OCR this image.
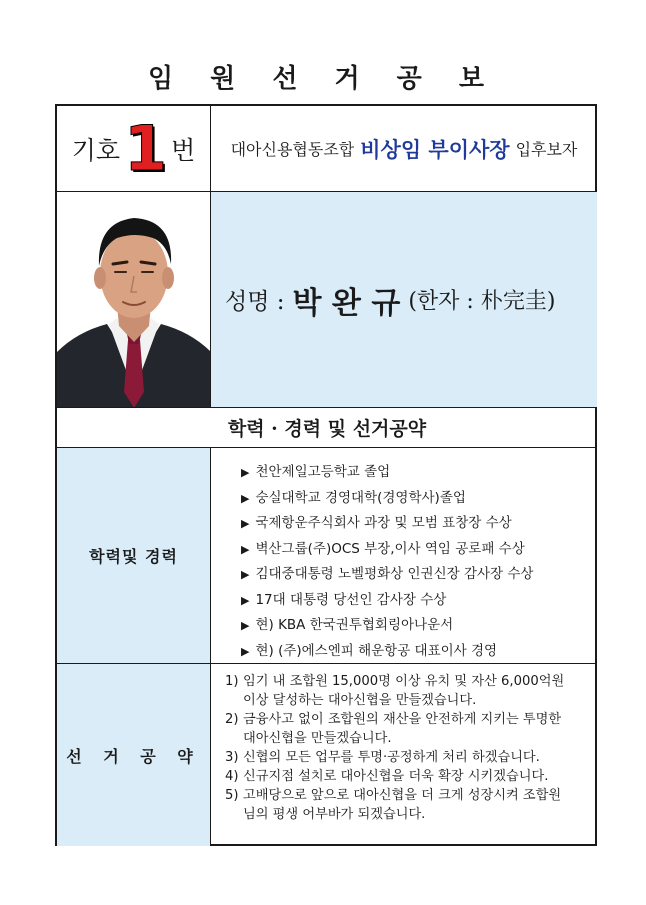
임 원 선 거 공 보
기호 1 번 대아신용협동조합 비상임 부이사장 입후보자
성명 : 박 완 규 (한자 : 朴完圭)
학력 · 경력 및 선거공약
학력및 경력
▶ 천안제일고등학교 졸업
▶ 숭실대학교 경영대학(경영학사)졸업
▶ 국제항운주식회사 과장 및 모범 표창장 수상
▶ 벽산그룹(주)OCS 부장,이사 역임 공로패 수상
▶ 김대중대통령 노벨평화상 인권신장 감사장 수상
▶ 17대 대통령 당선인 감사장 수상
▶ 현) KBA 한국권투협회링아나운서
▶ 현) (주)에스엔피 해운항공 대표이사 경영
선 거 공 약
1) 임기 내 조합원 15,000명 이상 유치 및 자산 6,000억원
이상 달성하는 대아신협을 만들겠습니다.
2) 금융사고 없이 조합원의 재산을 안전하게 지키는 투명한
대아신협을 만들겠습니다.
3) 신협의 모든 업무를 투명·공정하게 처리 하겠습니다.
4) 신규지점 설치로 대아신협을 더욱 확장 시키겠습니다.
5) 고배당으로 앞으로 대아신협을 더 크게 성장시켜 조합원
님의 평생 어부바가 되겠습니다.
